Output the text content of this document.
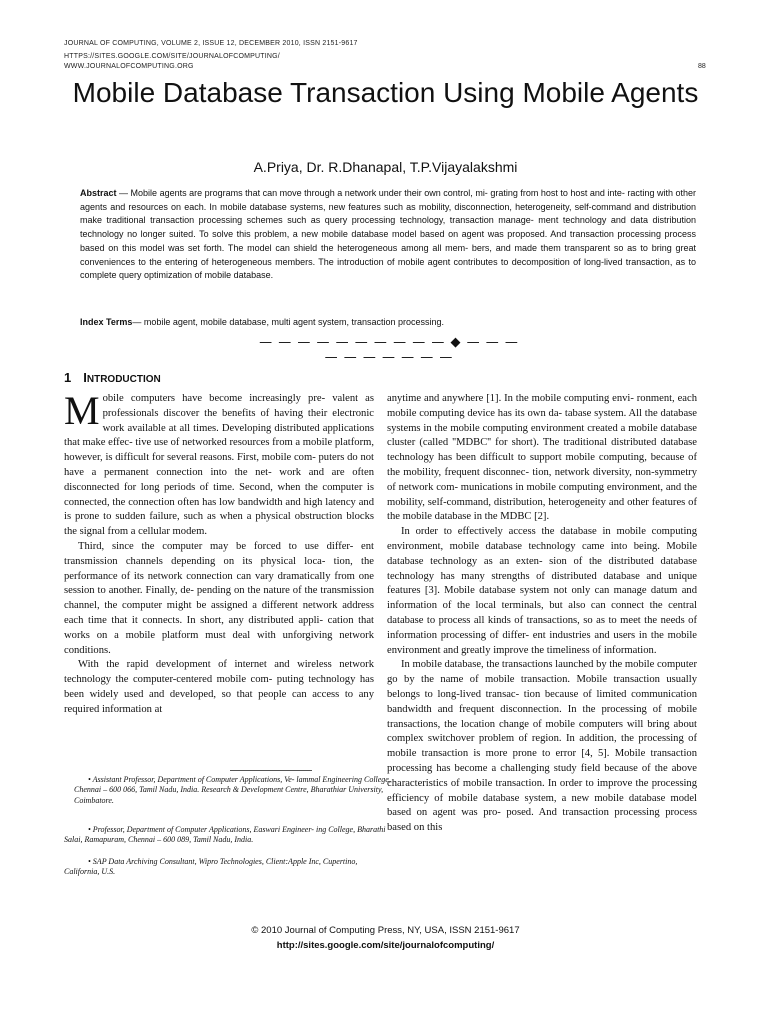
JOURNAL OF COMPUTING, VOLUME 2, ISSUE 12, DECEMBER 2010, ISSN 2151-9617
HTTPS://SITES.GOOGLE.COM/SITE/JOURNALOFCOMPUTING/
WWW.JOURNALOFCOMPUTING.ORG	88
Mobile Database Transaction Using Mobile Agents
A.Priya, Dr. R.Dhanapal, T.P.Vijayalakshmi

Abstract — Mobile agents are programs that can move through a network under their own control, mi- grating from host to host and inte- racting with other agents and resources on each. In mobile database systems, new features such as mobility, disconnection, heterogeneity, self-command and distribution make traditional transaction processing schemes such as query processing technology, transaction manage- ment technology and data distribution technology no longer suited. To solve this problem, a new mobile database model based on agent was proposed. And transaction processing process based on this model was set forth. The model can shield the heterogeneous among all mem- bers, and made them transparent so as to bring great conveniences to the entering of heterogeneous members. The introduction of mobile agent contributes to decomposition of long-lived transaction, as to complete query optimization of mobile database.

Index Terms— mobile agent, mobile database, multi agent system, transaction processing.

— — — — — — — — — — ◆ — — — — — — — — — —
1 INTRODUCTION

Mobile computers have become increasingly pre- valent as professionals discover the benefits of having their electronic work available at all times. Developing distributed applications that make effec- tive use of networked resources from a mobile platform, however, is difficult for several reasons. First, mobile com- puters do not have a permanent connection into the net- work and are often disconnected for long periods of time. Second, when the computer is connected, the connection often has low bandwidth and high latency and is prone to sudden failure, such as when a physical obstruction blocks the signal from a cellular modem.

Third, since the computer may be forced to use differ- ent transmission channels depending on its physical loca- tion, the performance of its network connection can vary dramatically from one session to another. Finally, de- pending on the nature of the transmission channel, the computer might be assigned a different network address each time that it connects. In short, any distributed appli- cation that works on a mobile platform must deal with unforgiving network conditions.

With the rapid development of internet and wireless network technology the computer-centered mobile com- puting technology has been widely used and developed, so that people can access to any required information at

• Assistant Professor, Department of Computer Applications, Ve- lammal Engineering College, Chennai – 600 066, Tamil Nadu, India. Research & Development Centre, Bharathiar University, Coimbatore.

• Professor, Department of Computer Applications, Easwari Engineer- ing College, Bharathi Salai, Ramapuram, Chennai – 600 089, Tamil Nadu, India.

• SAP Data Archiving Consultant, Wipro Technologies, Client:Apple Inc, Cupertino, California, U.S.

anytime and anywhere [1]. In the mobile computing envi- ronment, each mobile computing device has its own da- tabase system. All the database systems in the mobile computing environment created a mobile database cluster (called ''MDBC'' for short). The traditional distributed database technology has been difficult to support mobile computing, because of the mobility, frequent disconnec- tion, network diversity, non-symmetry of network com- munications in mobile computing environment, and the mobility, self-command, distribution, heterogeneity and other features of the mobile database in the MDBC [2].

In order to effectively access the database in mobile computing environment, mobile database technology came into being. Mobile database technology as an exten- sion of the distributed database technology has many strengths of distributed database and unique features [3]. Mobile database system not only can manage datum and information of the local terminals, but also can connect the central database to process all kinds of transactions, so as to meet the needs of information processing of differ- ent industries and users in the mobile environment and greatly improve the timeliness of information.

In mobile database, the transactions launched by the mobile computer go by the name of mobile transaction. Mobile transaction usually belongs to long-lived transac- tion because of limited communication bandwidth and frequent disconnection. In the processing of mobile transactions, the location change of mobile computers will bring about complex switchover problem of region. In addition, the processing of mobile transaction is more prone to error [4, 5]. Mobile transaction processing has become a challenging study field because of the above characteristics of mobile transaction. In order to improve the processing efficiency of mobile database system, a new mobile database model based on agent was pro- posed. And transaction processing process based on this

© 2010 Journal of Computing Press, NY, USA, ISSN 2151-9617
http://sites.google.com/site/journalofcomputing/
